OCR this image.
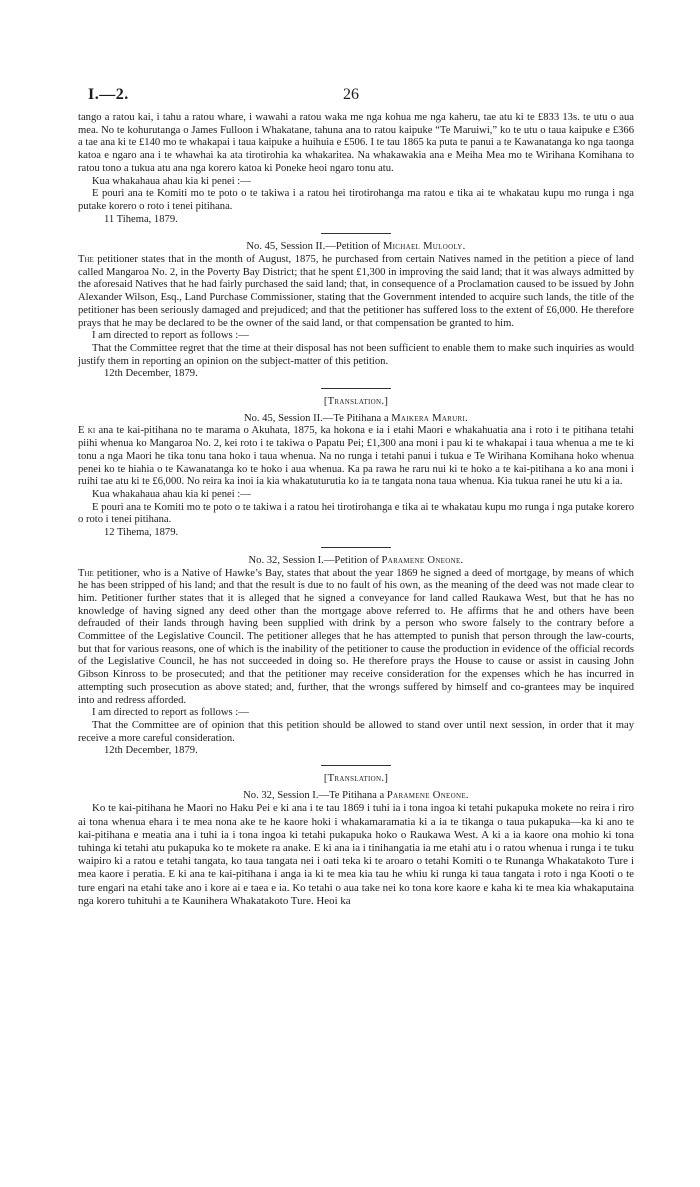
I.—2.	26

tango a ratou kai, i tahu a ratou whare, i wawahi a ratou waka me nga kohua me nga kaheru, tae atu ki te £833 13s. te utu o aua mea. No te kohurutanga o James Fulloon i Whakatane, tahuna ana to ratou kaipuke “Te Maruiwi,” ko te utu o taua kaipuke e £366 a tae ana ki te £140 mo te whakapai i taua kaipuke a huihuia e £506. I te tau 1865 ka puta te panui a te Kawanatanga ko nga taonga katoa e ngaro ana i te whawhai ka ata tirotirohia ka whakaritea. Na whakawakia ana e Meiha Mea mo te Wirihana Komihana to ratou tono a tukua atu ana nga korero katoa ki Poneke heoi ngaro tonu atu.

Kua whakahaua ahau kia ki penei :—

E pouri ana te Komiti mo te poto o te takiwa i a ratou hei tirotirohanga ma ratou e tika ai te whakatau kupu mo runga i nga putake korero o roto i tenei pitihana.

11 Tihema, 1879.

No. 45, Session II.—Petition of Michael Mulooly.

The petitioner states that in the month of August, 1875, he purchased from certain Natives named in the petition a piece of land called Mangaroa No. 2, in the Poverty Bay District; that he spent £1,300 in improving the said land; that it was always admitted by the aforesaid Natives that he had fairly purchased the said land; that, in consequence of a Proclamation caused to be issued by John Alexander Wilson, Esq., Land Purchase Commissioner, stating that the Government intended to acquire such lands, the title of the petitioner has been seriously damaged and prejudiced; and that the petitioner has suffered loss to the extent of £6,000. He therefore prays that he may be declared to be the owner of the said land, or that compensation be granted to him.

I am directed to report as follows :—

That the Committee regret that the time at their disposal has not been sufficient to enable them to make such inquiries as would justify them in reporting an opinion on the subject-matter of this petition.

12th December, 1879.

[Translation.]

No. 45, Session II.—Te Pitihana a Maikera Maruri.

E ki ana te kai-pitihana no te marama o Akuhata, 1875, ka hokona e ia i etahi Maori e whakahuatia ana i roto i te pitihana tetahi piihi whenua ko Mangaroa No. 2, kei roto i te takiwa o Papatu Pei; £1,300 ana moni i pau ki te whakapai i taua whenua a me te ki tonu a nga Maori he tika tonu tana hoko i taua whenua. Na no runga i tetahi panui i tukua e Te Wirihana Komihana hoko whenua penei ko te hiahia o te Kawanatanga ko te hoko i aua whenua. Ka pa rawa he raru nui ki te hoko a te kai-pitihana a ko ana moni i ruihi tae atu ki te £6,000. No reira ka inoi ia kia whakatuturutia ko ia te tangata nona taua whenua. Kia tukua ranei he utu ki a ia.

Kua whakahaua ahau kia ki penei :—

E pouri ana te Komiti mo te poto o te takiwa i a ratou hei tirotirohanga e tika ai te whakatau kupu mo runga i nga putake korero o roto i tenei pitihana.

12 Tihema, 1879.

No. 32, Session I.—Petition of Paramene Oneone.

The petitioner, who is a Native of Hawke’s Bay, states that about the year 1869 he signed a deed of mortgage, by means of which he has been stripped of his land; and that the result is due to no fault of his own, as the meaning of the deed was not made clear to him. Petitioner further states that it is alleged that he signed a conveyance for land called Raukawa West, but that he has no knowledge of having signed any deed other than the mortgage above referred to. He affirms that he and others have been defrauded of their lands through having been supplied with drink by a person who swore falsely to the contrary before a Committee of the Legislative Council. The petitioner alleges that he has attempted to punish that person through the law-courts, but that for various reasons, one of which is the inability of the petitioner to cause the production in evidence of the official records of the Legislative Council, he has not succeeded in doing so. He therefore prays the House to cause or assist in causing John Gibson Kinross to be prosecuted; and that the petitioner may receive consideration for the expenses which he has incurred in attempting such prosecution as above stated; and, further, that the wrongs suffered by himself and co-grantees may be inquired into and redress afforded.

I am directed to report as follows :—

That the Committee are of opinion that this petition should be allowed to stand over until next session, in order that it may receive a more careful consideration.

12th December, 1879.

[Translation.]

No. 32, Session I.—Te Pitihana a Paramene Oneone.

Ko te kai-pitihana he Maori no Haku Pei e ki ana i te tau 1869 i tuhi ia i tona ingoa ki tetahi pukapuka mokete no reira i riro ai tona whenua ehara i te mea nona ake te he kaore hoki i whakamaramatia ki a ia te tikanga o taua pukapuka—ka ki ano te kai-pitihana e meatia ana i tuhi ia i tona ingoa ki tetahi pukapuka hoko o Raukawa West. A ki a ia kaore ona mohio ki tona tuhinga ki tetahi atu pukapuka ko te mokete ra anake. E ki ana ia i tinihangatia ia me etahi atu i o ratou whenua i runga i te tuku waipiro ki a ratou e tetahi tangata, ko taua tangata nei i oati teka ki te aroaro o tetahi Komiti o te Runanga Whakatakoto Ture i mea kaore i peratia. E ki ana te kai-pitihana i anga ia ki te mea kia tau he whiu ki runga ki taua tangata i roto i nga Kooti o te ture engari na etahi take ano i kore ai e taea e ia. Ko tetahi o aua take nei ko tona kore kaore e kaha ki te mea kia whakaputaina nga korero tuhituhi a te Kaunihera Whakatakoto Ture. Heoi ka
